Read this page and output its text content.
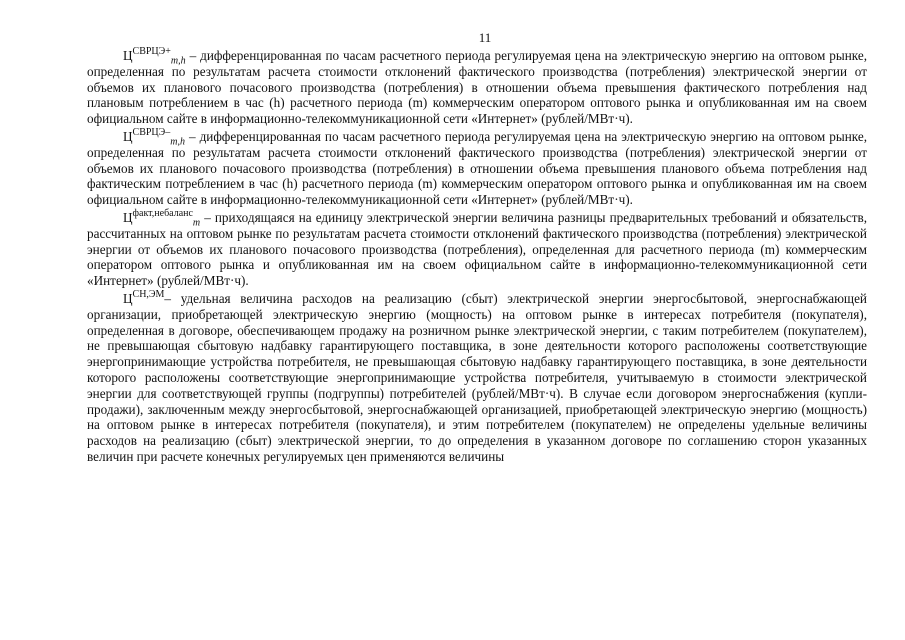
11

$Ц^{СВРЦЭ+}_{m,h}$ – дифференцированная по часам расчетного периода регулируемая цена на электрическую энергию на оптовом рынке, определенная по результатам расчета стоимости отклонений фактического производства (потребления) электрической энергии от объемов их планового почасового производства (потребления) в отношении объема превышения фактического потребления над плановым потреблением в час (h) расчетного периода (m) коммерческим оператором оптового рынка и опубликованная им на своем официальном сайте в информационно-телекоммуникационной сети «Интернет» (рублей/МВт·ч).

$Ц^{СВРЦЭ-}_{m,h}$ – дифференцированная по часам расчетного периода регулируемая цена на электрическую энергию на оптовом рынке, определенная по результатам расчета стоимости отклонений фактического производства (потребления) электрической энергии от объемов их планового почасового производства (потребления) в отношении объема превышения планового объема потребления над фактическим потреблением в час (h) расчетного периода (m) коммерческим оператором оптового рынка и опубликованная им на своем официальном сайте в информационно-телекоммуникационной сети «Интернет» (рублей/МВт·ч).

$Ц^{факт,небаланс}_m$ – приходящаяся на единицу электрической энергии величина разницы предварительных требований и обязательств, рассчитанных на оптовом рынке по результатам расчета стоимости отклонений фактического производства (потребления) электрической энергии от объемов их планового почасового производства (потребления), определенная для расчетного периода (m) коммерческим оператором оптового рынка и опубликованная им на своем официальном сайте в информационно-телекоммуникационной сети «Интернет» (рублей/МВт·ч).

$Ц^{СН,ЭМ}-$ удельная величина расходов на реализацию (сбыт) электрической энергии энергосбытовой, энергоснабжающей организации, приобретающей электрическую энергию (мощность) на оптовом рынке в интересах потребителя (покупателя), определенная в договоре, обеспечивающем продажу на розничном рынке электрической энергии, с таким потребителем (покупателем), не превышающая сбытовую надбавку гарантирующего поставщика, в зоне деятельности которого расположены соответствующие энергопринимающие устройства потребителя, не превышающая сбытовую надбавку гарантирующего поставщика, в зоне деятельности которого расположены соответствующие энергопринимающие устройства потребителя, учитываемую в стоимости электрической энергии для соответствующей группы (подгруппы) потребителей (рублей/МВт·ч). В случае если договором энергоснабжения (купли-продажи), заключенным между энергосбытовой, энергоснабжающей организацией, приобретающей электрическую энергию (мощность) на оптовом рынке в интересах потребителя (покупателя), и этим потребителем (покупателем) не определены удельные величины расходов на реализацию (сбыт) электрической энергии, то до определения в указанном договоре по соглашению сторон указанных величин при расчете конечных регулируемых цен применяются величины
